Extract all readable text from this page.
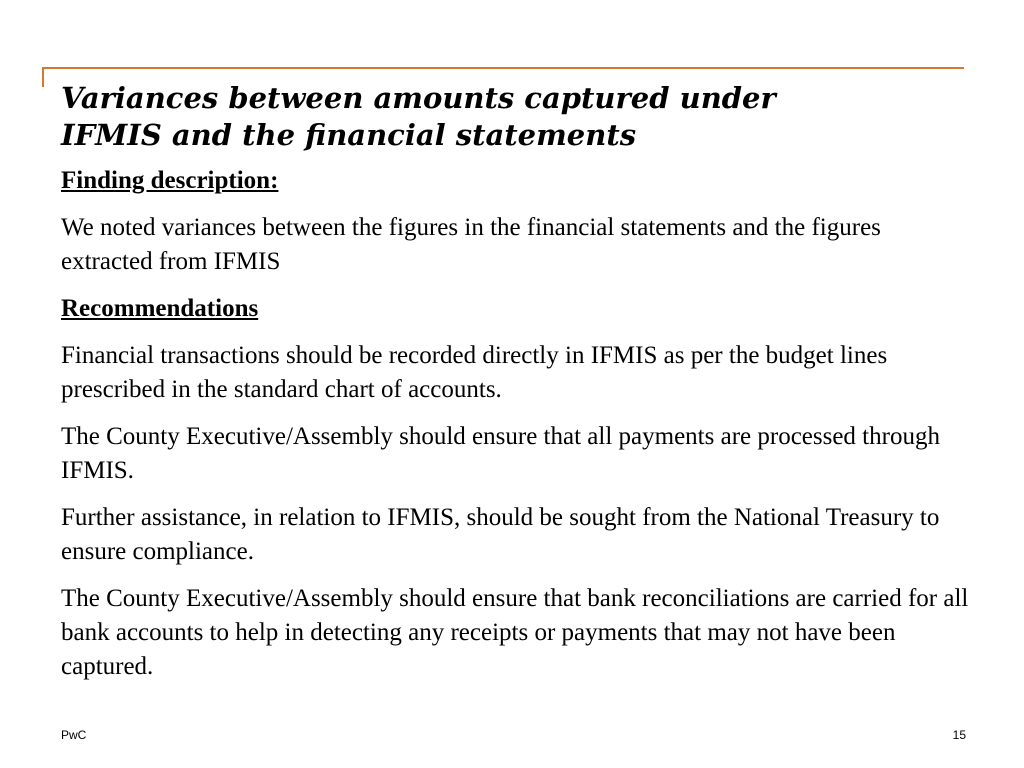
Variances between amounts captured under
IFMIS and the financial statements
Finding description:
We noted variances between the figures in the financial statements and the figures extracted from IFMIS
Recommendations
Financial transactions should be recorded directly in IFMIS as per the budget lines prescribed in the standard chart of accounts.
The County Executive/Assembly should ensure that all payments are processed through IFMIS.
Further assistance, in relation to IFMIS, should be sought from the National Treasury to ensure compliance.
The County Executive/Assembly should ensure that bank reconciliations are carried for all bank accounts to help in detecting any receipts or payments that may not have been captured.
PwC	15
